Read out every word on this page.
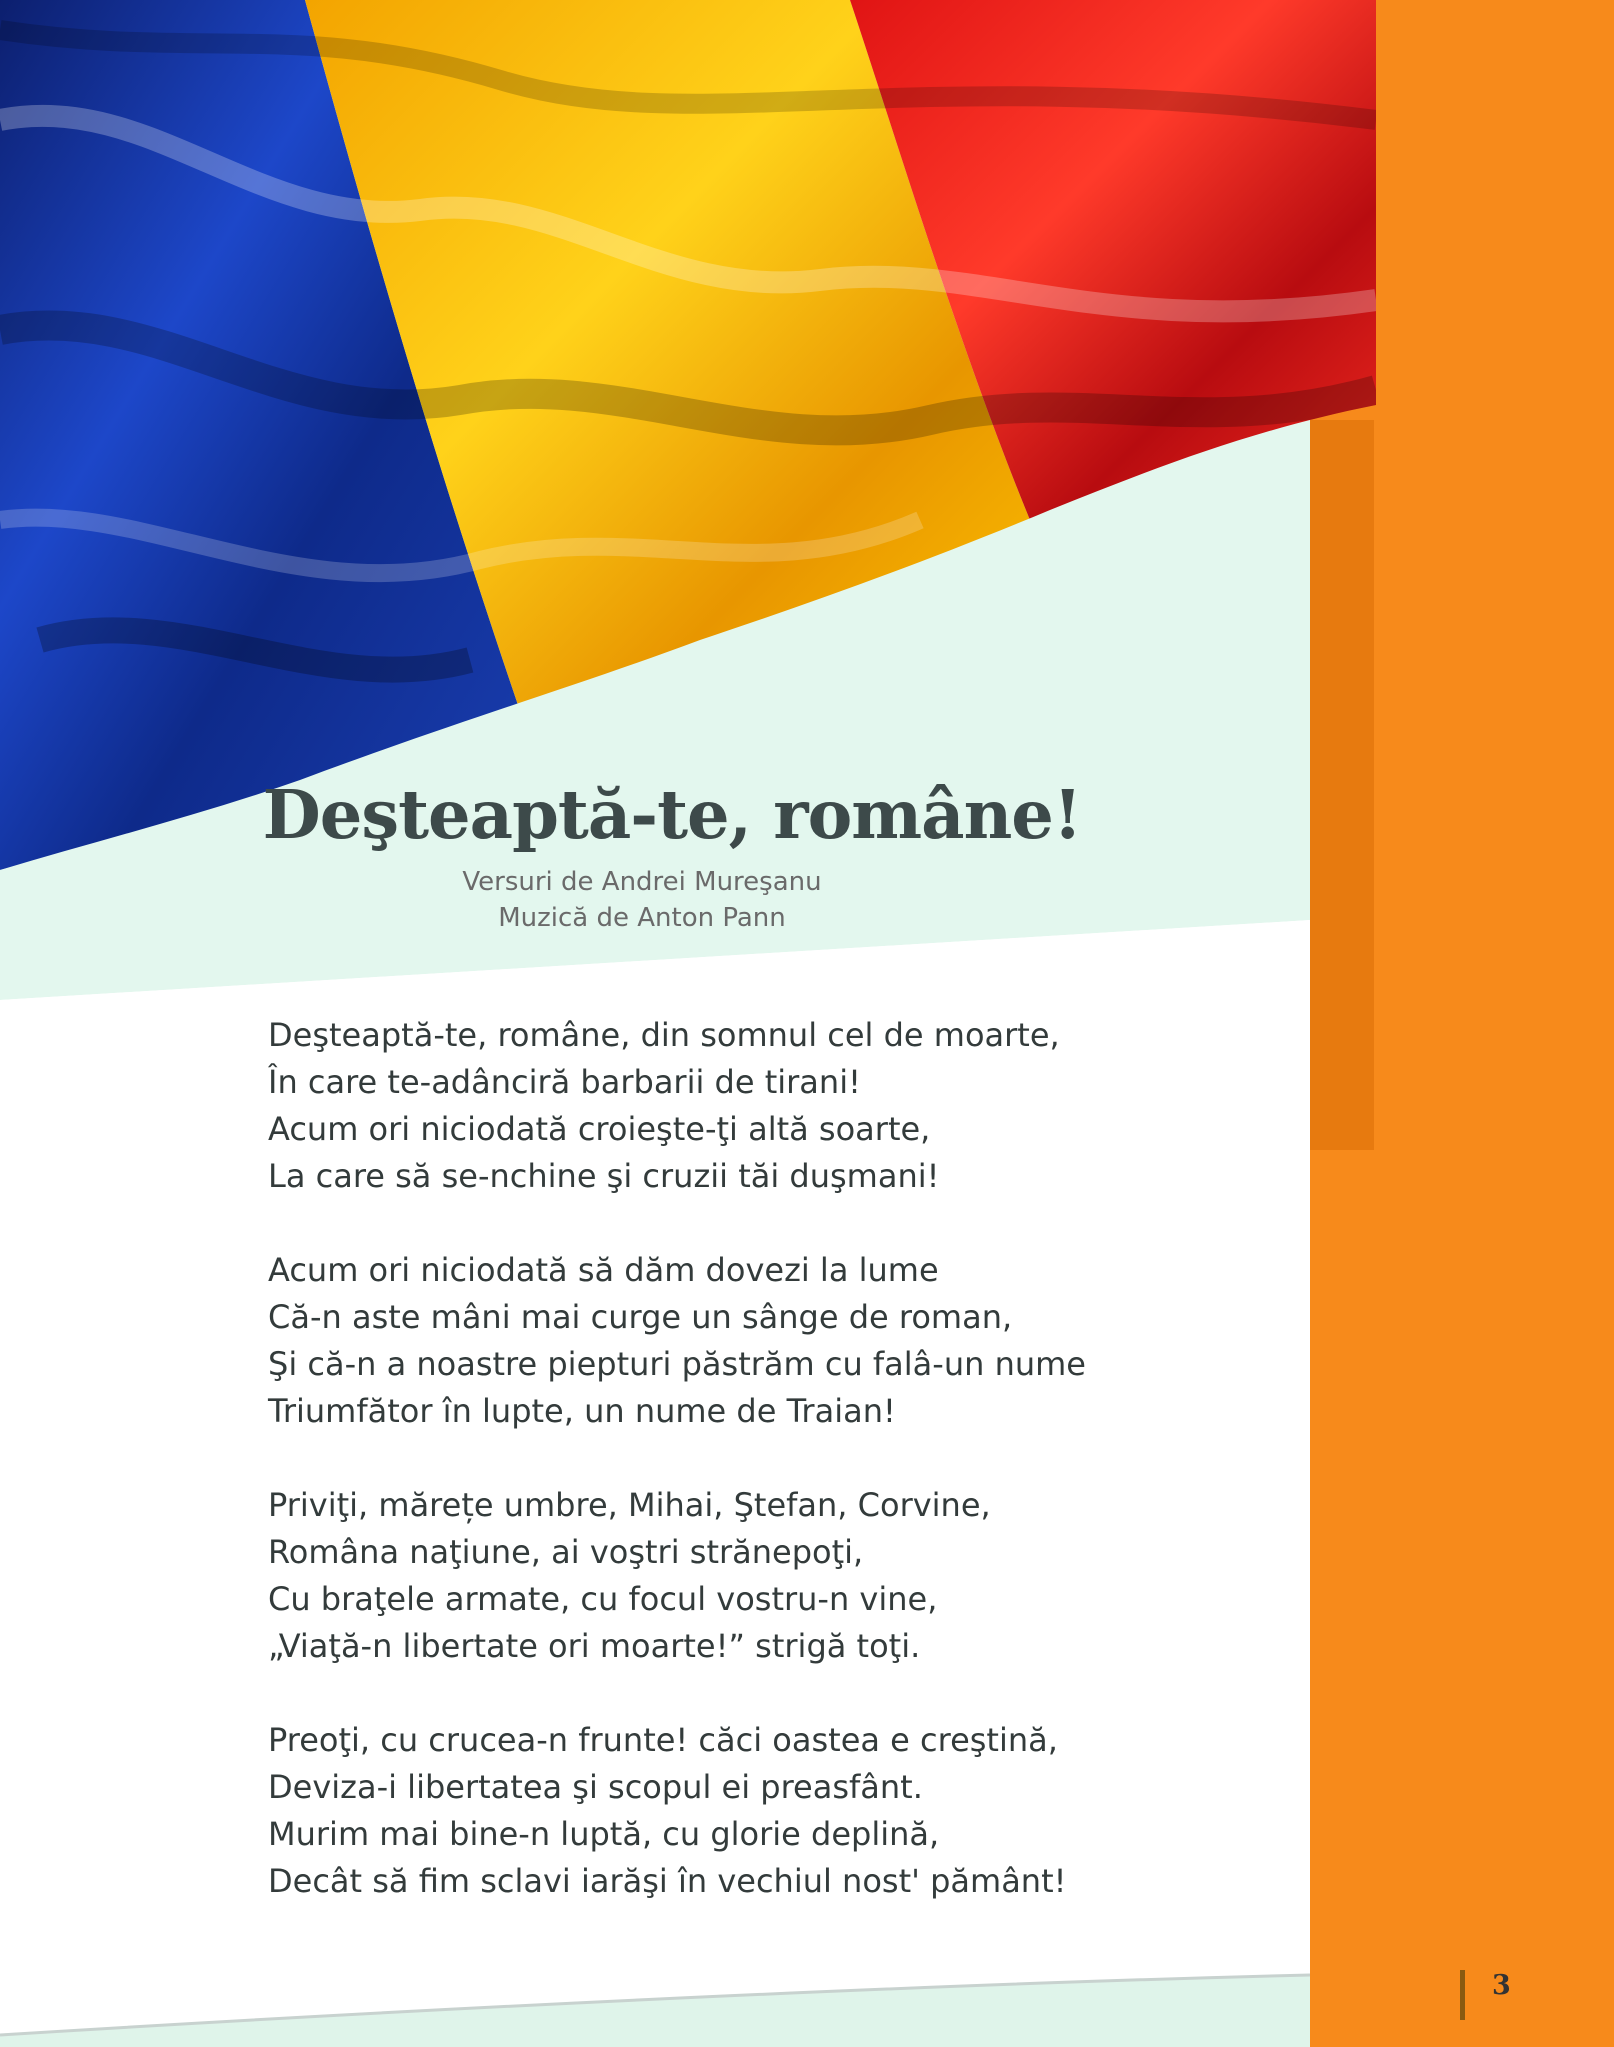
Deşteaptă-te, române!
Versuri de Andrei Mureşanu
Muzică de Anton Pann
Deşteaptă-te, române, din somnul cel de moarte,
În care te-adânciră barbarii de tirani!
Acum ori niciodată croieşte-ţi altă soarte,
La care să se-nchine şi cruzii tăi duşmani!
Acum ori niciodată să dăm dovezi la lume
Că-n aste mâni mai curge un sânge de roman,
Şi că-n a noastre piepturi păstrăm cu falâ-un nume
Triumfător în lupte, un nume de Traian!
Priviţi, mărețe umbre, Mihai, Ştefan, Corvine,
Româna naţiune, ai voştri strănepoţi,
Cu braţele armate, cu focul vostru-n vine,
„Viaţă-n libertate ori moarte!” strigă toţi.
Preoţi, cu crucea-n frunte! căci oastea e creştină,
Deviza-i libertatea şi scopul ei preasfânt.
Murim mai bine-n luptă, cu glorie deplină,
Decât să fim sclavi iarăşi în vechiul nost' pământ!
3
